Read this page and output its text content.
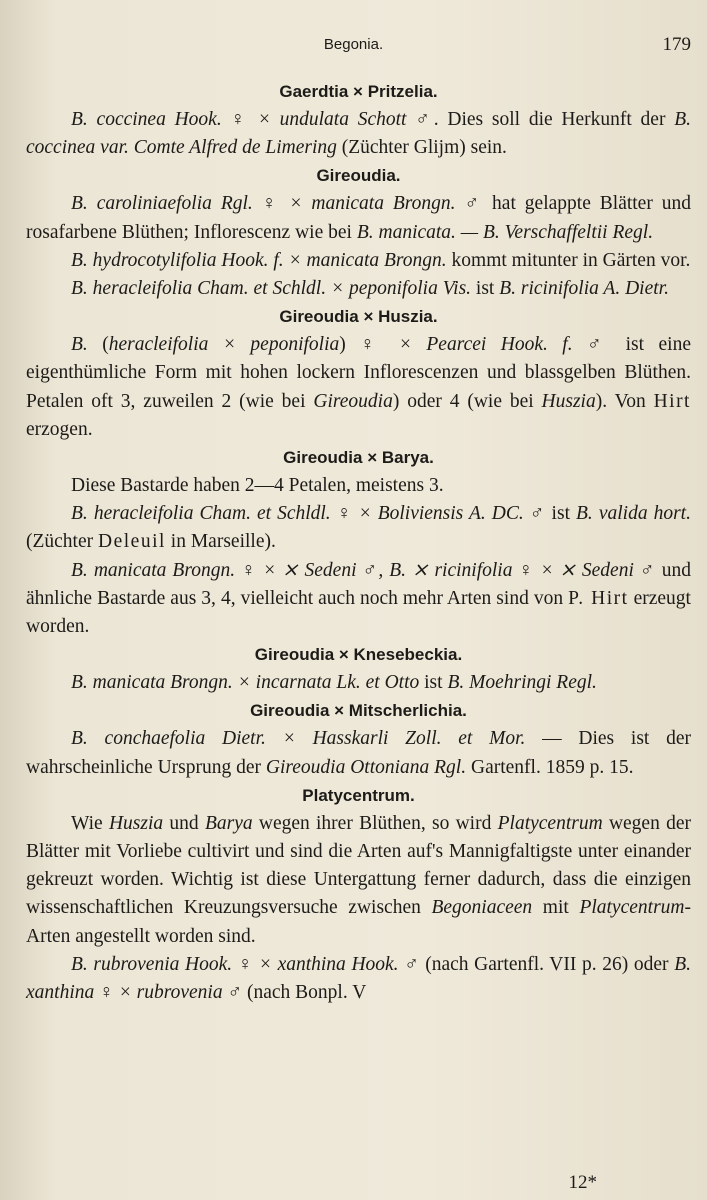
Begonia.	179
Gaerdtia × Pritzelia.

B. coccinea Hook. ♀ × undulata Schott ♂. Dies soll die Herkunft der B. coccinea var. Comte Alfred de Limering (Züchter Glijm) sein.

Gireoudia.

B. caroliniaefolia Rgl. ♀ × manicata Brongn. ♂ hat gelappte Blätter und rosafarbene Blüthen; Inflorescenz wie bei B. manicata. — B. Verschaffeltii Regl.

B. hydrocotylifolia Hook. f. × manicata Brongn. kommt mitunter in Gärten vor.

B. heracleifolia Cham. et Schldl. × peponifolia Vis. ist B. ricinifolia A. Dietr.

Gireoudia × Huszia.

B. (heracleifolia × peponifolia) ♀ × Pearcei Hook. f. ♂ ist eine eigenthümliche Form mit hohen lockern Inflorescenzen und blassgelben Blüthen. Petalen oft 3, zuweilen 2 (wie bei Gireoudia) oder 4 (wie bei Huszia). Von Hirt erzogen.

Gireoudia × Barya.

Diese Bastarde haben 2—4 Petalen, meistens 3.

B. heracleifolia Cham. et Schldl. ♀ × Boliviensis A. DC. ♂ ist B. valida hort. (Züchter Deleuil in Marseille).

B. manicata Brongn. ♀ × ⨯ Sedeni ♂, B. ⨯ ricinifolia ♀ × ⨯ Sedeni ♂ und ähnliche Bastarde aus 3, 4, vielleicht auch noch mehr Arten sind von P. Hirt erzeugt worden.

Gireoudia × Knesebeckia.

B. manicata Brongn. × incarnata Lk. et Otto ist B. Moehringi Regl.

Gireoudia × Mitscherlichia.

B. conchaefolia Dietr. × Hasskarli Zoll. et Mor. — Dies ist der wahrscheinliche Ursprung der Gireoudia Ottoniana Rgl. Gartenfl. 1859 p. 15.

Platycentrum.

Wie Huszia und Barya wegen ihrer Blüthen, so wird Platycentrum wegen der Blätter mit Vorliebe cultivirt und sind die Arten auf's Mannigfaltigste unter einander gekreuzt worden. Wichtig ist diese Untergattung ferner dadurch, dass die einzigen wissenschaftlichen Kreuzungsversuche zwischen Begoniaceen mit Platycentrum-Arten angestellt worden sind.

B. rubrovenia Hook. ♀ × xanthina Hook. ♂ (nach Gartenfl. VII p. 26) oder B. xanthina ♀ × rubrovenia ♂ (nach Bonpl. V

12*
